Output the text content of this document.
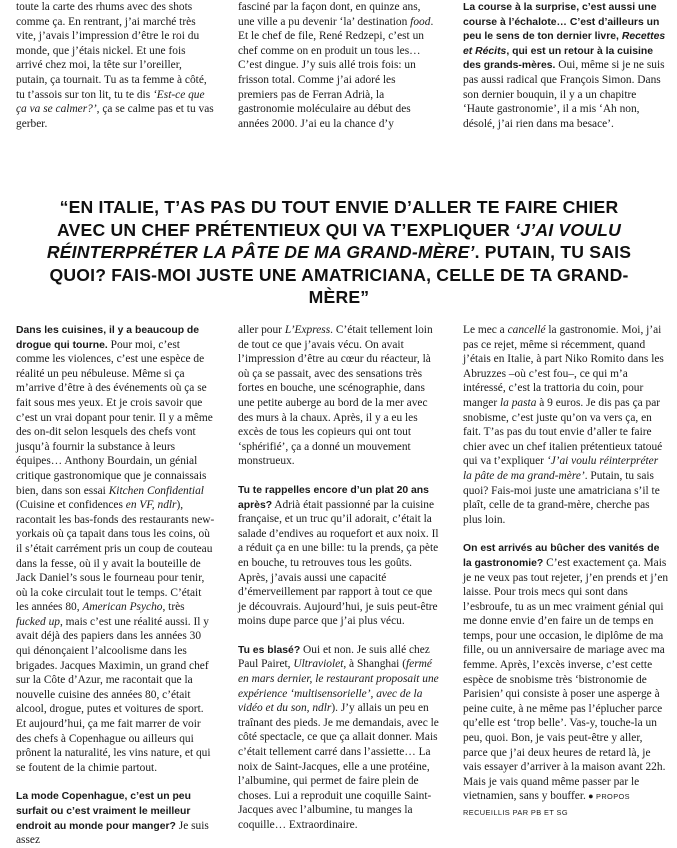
toute la carte des rhums avec des shots comme ça. En rentrant, j’ai marché très vite, j’avais l’impression d’être le roi du monde, que j’étais nickel. Et une fois arrivé chez moi, la tête sur l’oreiller, putain, ça tournait. Tu as ta femme à côté, tu t’assois sur ton lit, tu te dis ‘Est-ce que ça va se calmer?’, ça se calme pas et tu vas gerber.

fasciné par la façon dont, en quinze ans, une ville a pu devenir ‘la’ destination food. Et le chef de file, René Redzepi, c’est un chef comme on en produit un tous les… C’est dingue. J’y suis allé trois fois: un frisson total. Comme j’ai adoré les premiers pas de Ferran Adrià, la gastronomie moléculaire au début des années 2000. J’ai eu la chance d’y

La course à la surprise, c’est aussi une course à l’échalote… C’est d’ailleurs un peu le sens de ton dernier livre, Recettes et Récits, qui est un retour à la cuisine des grands-mères. Oui, même si je ne suis pas aussi radical que François Simon. Dans son dernier bouquin, il y a un chapitre ‘Haute gastronomie’, il a mis ‘Ah non, désolé, j’ai rien dans ma besace’.

“EN ITALIE, T’AS PAS DU TOUT ENVIE D’ALLER TE FAIRE CHIER AVEC UN CHEF PRÉTENTIEUX QUI VA T’EXPLIQUER ‘J’AI VOULU RÉINTERPRÉTER LA PÂTE DE MA GRAND-MÈRE’. PUTAIN, TU SAIS QUOI? FAIS-MOI JUSTE UNE AMATRICIANA, CELLE DE TA GRAND-MÈRE”

Dans les cuisines, il y a beaucoup de drogue qui tourne. Pour moi, c’est comme les violences, c’est une espèce de réalité un peu nébuleuse. Même si ça m’arrive d’être à des événements où ça se fait sous mes yeux. Et je crois savoir que c’est un vrai dopant pour tenir. Il y a même des on-dit selon lesquels des chefs vont jusqu’à fournir la substance à leurs équipes… Anthony Bourdain, un génial critique gastronomique que je connaissais bien, dans son essai Kitchen Confidential (Cuisine et confidences en VF, ndlr), racontait les bas-fonds des restaurants new-yorkais où ça tapait dans tous les coins, où il s’était carrément pris un coup de couteau dans la fesse, où il y avait la bouteille de Jack Daniel’s sous le fourneau pour tenir, où la coke circulait tout le temps. C’était les années 80, American Psycho, très fucked up, mais c’est une réalité aussi. Il y avait déjà des papiers dans les années 30 qui dénonçaient l’alcoolisme dans les brigades. Jacques Maximin, un grand chef sur la Côte d’Azur, me racontait que la nouvelle cuisine des années 80, c’était alcool, drogue, putes et voitures de sport. Et aujourd’hui, ça me fait marrer de voir des chefs à Copenhague ou ailleurs qui prônent la naturalité, les vins nature, et qui se foutent de la chimie partout.

La mode Copenhague, c’est un peu surfait ou c’est vraiment le meilleur endroit au monde pour manger? Je suis assez

aller pour L’Express. C’était tellement loin de tout ce que j’avais vécu. On avait l’impression d’être au cœur du réacteur, là où ça se passait, avec des sensations très fortes en bouche, une scénographie, dans une petite auberge au bord de la mer avec des murs à la chaux. Après, il y a eu les excès de tous les copieurs qui ont tout ‘sphérifié’, ça a donné un mouvement monstrueux.

Tu te rappelles encore d’un plat 20 ans après? Adrià était passionné par la cuisine française, et un truc qu’il adorait, c’était la salade d’endives au roquefort et aux noix. Il a réduit ça en une bille: tu la prends, ça pète en bouche, tu retrouves tous les goûts. Après, j’avais aussi une capacité d’émerveillement par rapport à tout ce que je découvrais. Aujourd’hui, je suis peut-être moins dupe parce que j’ai plus vécu.

Tu es blasé? Oui et non. Je suis allé chez Paul Pairet, Ultraviolet, à Shanghai (fermé en mars dernier, le restaurant proposait une expérience ‘multisensorielle’, avec de la vidéo et du son, ndlr). J’y allais un peu en traînant des pieds. Je me demandais, avec le côté spectacle, ce que ça allait donner. Mais c’était tellement carré dans l’assiette… La noix de Saint-Jacques, elle a une protéine, l’albumine, qui permet de faire plein de choses. Lui a reproduit une coquille Saint-Jacques avec l’albumine, tu manges la coquille… Extraordinaire.

Le mec a cancellé la gastronomie. Moi, j’ai pas ce rejet, même si récemment, quand j’étais en Italie, à part Niko Romito dans les Abruzzes –où c’est fou–, ce qui m’a intéressé, c’est la trattoria du coin, pour manger la pasta à 9 euros. Je dis pas ça par snobisme, c’est juste qu’on va vers ça, en fait. T’as pas du tout envie d’aller te faire chier avec un chef italien prétentieux tatoué qui va t’expliquer ‘J’ai voulu réinterpréter la pâte de ma grand-mère’. Putain, tu sais quoi? Fais-moi juste une amatriciana s’il te plaît, celle de ta grand-mère, cherche pas plus loin.

On est arrivés au bûcher des vanités de la gastronomie? C’est exactement ça. Mais je ne veux pas tout rejeter, j’en prends et j’en laisse. Pour trois mecs qui sont dans l’esbroufe, tu as un mec vraiment génial qui me donne envie d’en faire un de temps en temps, pour une occasion, le diplôme de ma fille, ou un anniversaire de mariage avec ma femme. Après, l’excès inverse, c’est cette espèce de snobisme très ‘bistronomie de Parisien’ qui consiste à poser une asperge à peine cuite, à ne même pas l’éplucher parce qu’elle est ‘trop belle’. Vas-y, touche-la un peu, quoi. Bon, je vais peut-être y aller, parce que j’ai deux heures de retard là, je vais essayer d’arriver à la maison avant 22h. Mais je vais quand même passer par le vietnamien, sans y bouffer. ● PROPOS RECUEILLIS PAR PB ET SG
